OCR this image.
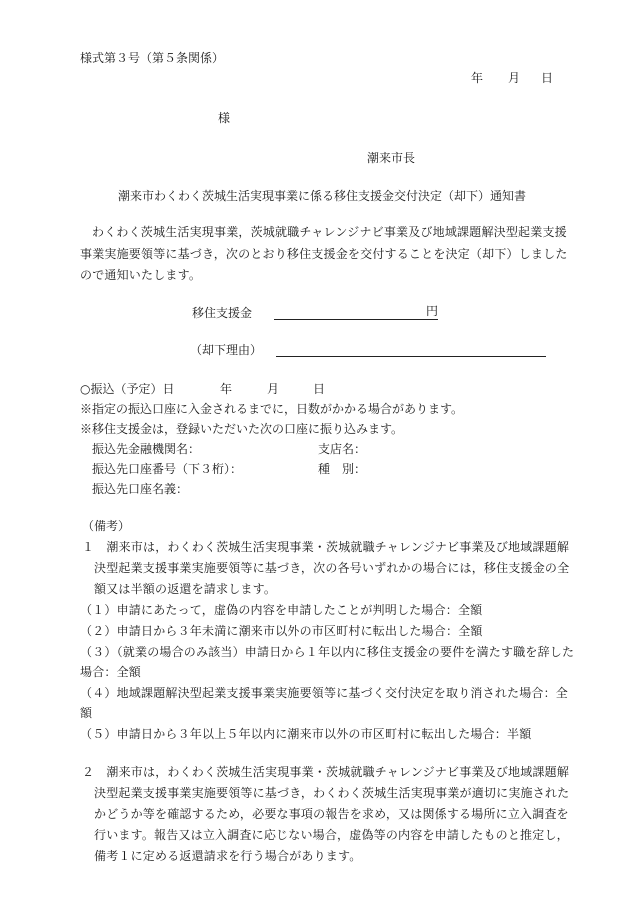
様式第３号（第５条関係）
年 月 日
様
潮来市長
潮来市わくわく茨城生活実現事業に係る移住支援金交付決定（却下）通知書
わくわく茨城生活実現事業，茨城就職チャレンジナビ事業及び地域課題解決型起業支援
事業実施要領等に基づき，次のとおり移住支援金を交付することを決定（却下）しました
ので通知いたします。
移住支援金	円
（却下理由）
○振込（予定）日	年	月	日
※指定の振込口座に入金されるまでに，日数がかかる場合があります。
※移住支援金は，登録いただいた次の口座に振り込みます。
振込先金融機関名：	支店名：
振込先口座番号（下３桁）：	種　別：
振込先口座名義：
（備考）
１　潮来市は，わくわく茨城生活実現事業・茨城就職チャレンジナビ事業及び地域課題解
決型起業支援事業実施要領等に基づき，次の各号いずれかの場合には，移住支援金の全
額又は半額の返還を請求します。
（１）申請にあたって，虚偽の内容を申請したことが判明した場合：全額
（２）申請日から３年未満に潮来市以外の市区町村に転出した場合：全額
（３）（就業の場合のみ該当）申請日から１年以内に移住支援金の要件を満たす職を辞した
場合：全額
（４）地域課題解決型起業支援事業実施要領等に基づく交付決定を取り消された場合：全
額
（５）申請日から３年以上５年以内に潮来市以外の市区町村に転出した場合：半額
２　潮来市は，わくわく茨城生活実現事業・茨城就職チャレンジナビ事業及び地域課題解
決型起業支援事業実施要領等に基づき，わくわく茨城生活実現事業が適切に実施された
かどうか等を確認するため，必要な事項の報告を求め，又は関係する場所に立入調査を
行います。報告又は立入調査に応じない場合，虚偽等の内容を申請したものと推定し，
備考１に定める返還請求を行う場合があります。
